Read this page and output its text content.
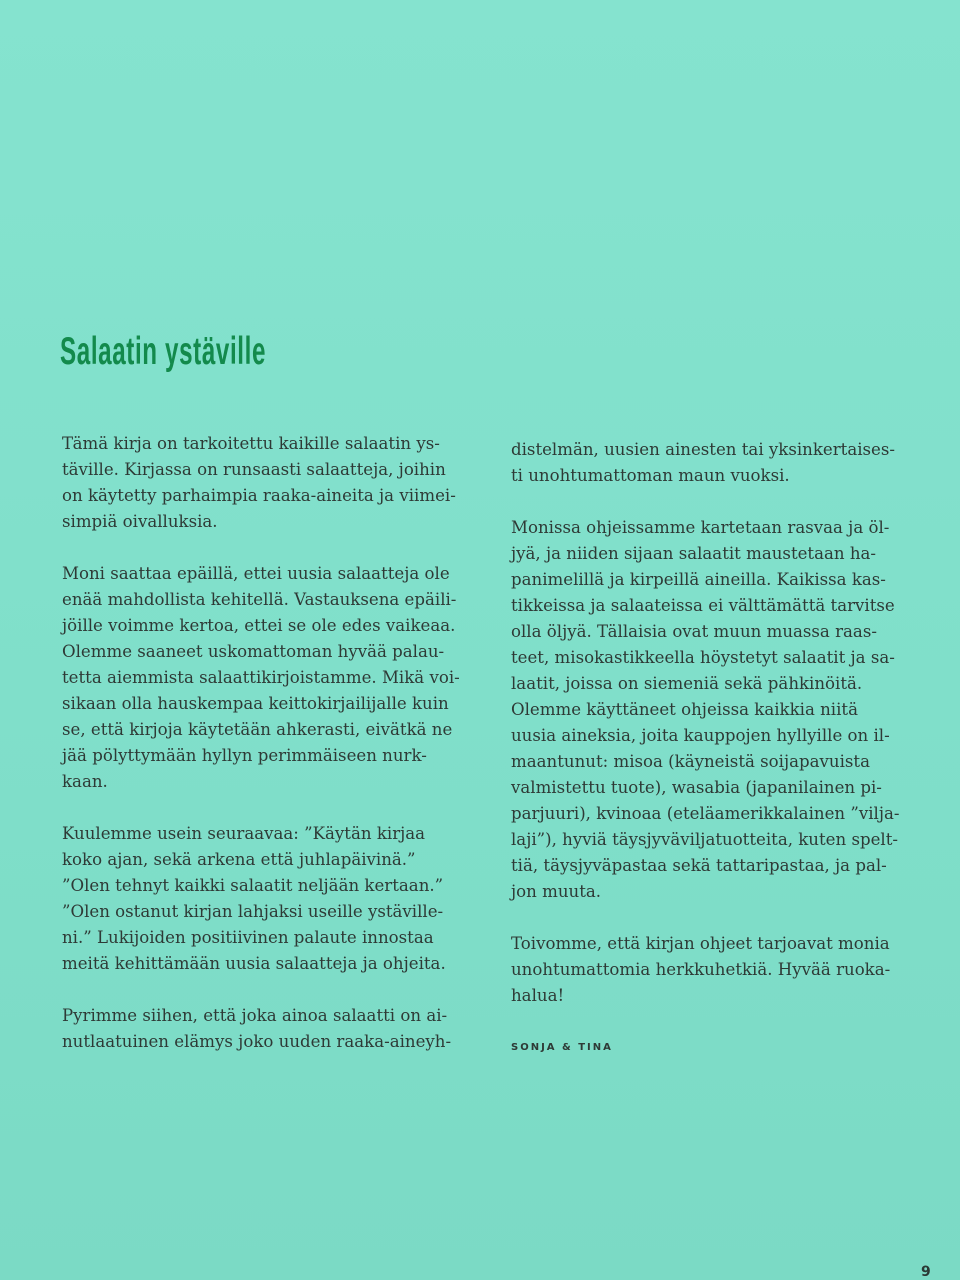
Salaatin ystäville

Tämä kirja on tarkoitettu kaikille salaatin ys-
täville. Kirjassa on runsaasti salaatteja, joihin
on käytetty parhaimpia raaka-aineita ja viimei-
simpiä oivalluksia.

Moni saattaa epäillä, ettei uusia salaatteja ole
enää mahdollista kehitellä. Vastauksena epäili-
jöille voimme kertoa, ettei se ole edes vaikeaa.
Olemme saaneet uskomattoman hyvää palau-
tetta aiemmista salaattikirjoistamme. Mikä voi-
sikaan olla hauskempaa keittokirjailijalle kuin
se, että kirjoja käytetään ahkerasti, eivätkä ne
jää pölyttymään hyllyn perimmäiseen nurk-
kaan.

Kuulemme usein seuraavaa: ”Käytän kirjaa
koko ajan, sekä arkena että juhlapäivinä.”
”Olen tehnyt kaikki salaatit neljään kertaan.”
”Olen ostanut kirjan lahjaksi useille ystäville-
ni.” Lukijoiden positiivinen palaute innostaa
meitä kehittämään uusia salaatteja ja ohjeita.

Pyrimme siihen, että joka ainoa salaatti on ai-
nutlaatuinen elämys joko uuden raaka-aineyh-

distelmän, uusien ainesten tai yksinkertaises-
ti unohtumattoman maun vuoksi.

Monissa ohjeissamme kartetaan rasvaa ja öl-
jyä, ja niiden sijaan salaatit maustetaan ha-
panimelillä ja kirpeillä aineilla. Kaikissa kas-
tikkeissa ja salaateissa ei välttämättä tarvitse
olla öljyä. Tällaisia ovat muun muassa raas-
teet, misokastikkeella höystetyt salaatit ja sa-
laatit, joissa on siemeniä sekä pähkinöitä.
Olemme käyttäneet ohjeissa kaikkia niitä
uusia aineksia, joita kauppojen hyllyille on il-
maantunut: misoa (käyneistä soijapavuista
valmistettu tuote), wasabia (japanilainen pi-
parjuuri), kvinoaa (eteläamerikkalainen ”vilja-
laji”), hyviä täysjyväviljatuotteita, kuten spelt-
tiä, täysjyväpastaa sekä tattaripastaa, ja pal-
jon muuta.

Toivomme, että kirjan ohjeet tarjoavat monia
unohtumattomia herkkuhetkiä. Hyvää ruoka-
halua!

SONJA & TINA
9
